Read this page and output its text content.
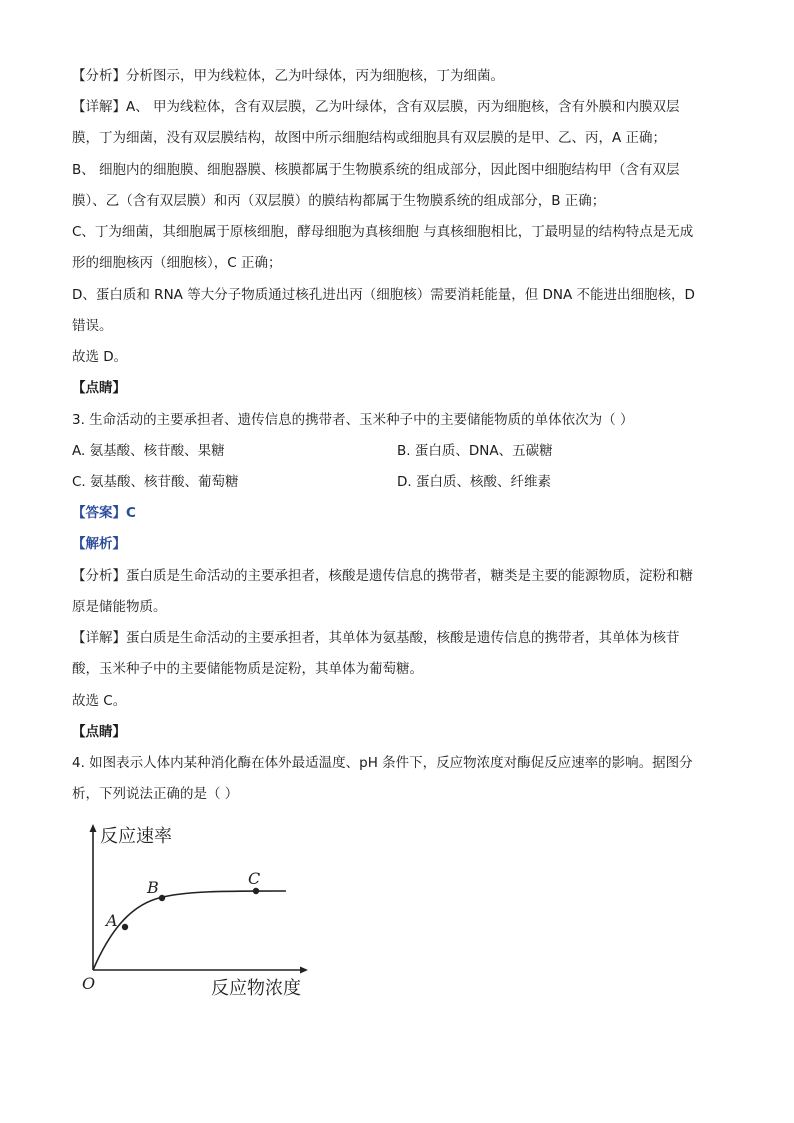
【分析】分析图示，甲为线粒体，乙为叶绿体，丙为细胞核，丁为细菌。
【详解】A、 甲为线粒体，含有双层膜，乙为叶绿体，含有双层膜，丙为细胞核，含有外膜和内膜双层
膜，丁为细菌，没有双层膜结构，故图中所示细胞结构或细胞具有双层膜的是甲、乙、丙，A 正确；
B、 细胞内的细胞膜、细胞器膜、核膜都属于生物膜系统的组成部分，因此图中细胞结构甲（含有双层
膜）、乙（含有双层膜）和丙（双层膜）的膜结构都属于生物膜系统的组成部分，B 正确；
C、丁为细菌，其细胞属于原核细胞，酵母细胞为真核细胞 与真核细胞相比，丁最明显的结构特点是无成
形的细胞核丙（细胞核），C 正确；
D、蛋白质和 RNA 等大分子物质通过核孔进出丙（细胞核）需要消耗能量，但 DNA 不能进出细胞核，D
错误。
故选 D。
【点睛】
3. 生命活动的主要承担者、遗传信息的携带者、玉米种子中的主要储能物质的单体依次为（ ）
A. 氨基酸、核苷酸、果糖	B. 蛋白质、DNA、五碳糖
C. 氨基酸、核苷酸、葡萄糖	D. 蛋白质、核酸、纤维素
【答案】C
【解析】
【分析】蛋白质是生命活动的主要承担者，核酸是遗传信息的携带者，糖类是主要的能源物质，淀粉和糖
原是储能物质。
【详解】蛋白质是生命活动的主要承担者，其单体为氨基酸，核酸是遗传信息的携带者，其单体为核苷
酸，玉米种子中的主要储能物质是淀粉，其单体为葡萄糖。
故选 C。
【点睛】
4. 如图表示人体内某种消化酶在体外最适温度、pH 条件下，反应物浓度对酶促反应速率的影响。据图分
析，下列说法正确的是（ ）
反应速率
反应物浓度
O
A
B	C
